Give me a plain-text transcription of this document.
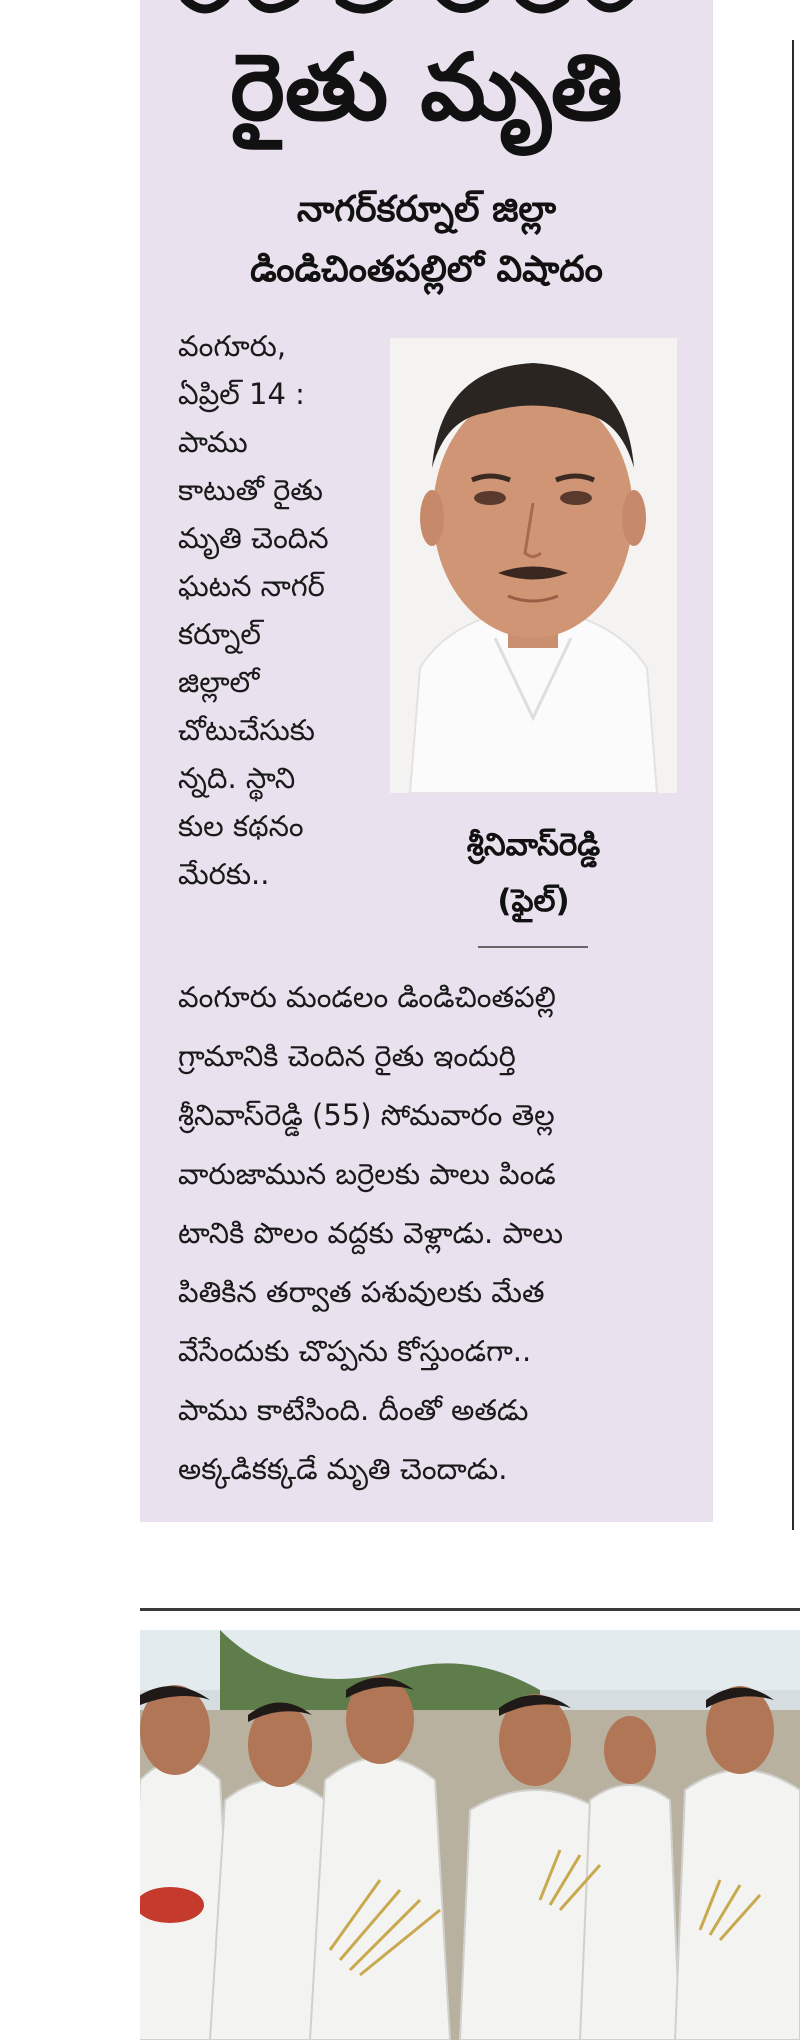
రైతు మృతి
నాగర్‌కర్నూల్ జిల్లా
డిండిచింతపల్లిలో విషాదం
వంగూరు,
ఏప్రిల్ 14 :
పాము
కాటుతో రైతు
మృతి చెందిన
ఘటన నాగర్
కర్నూల్
జిల్లాలో
చోటుచేసుకు
న్నది. స్థాని
కుల కథనం
మేరకు..
శ్రీనివాస్‌రెడ్డి
(ఫైల్)
వంగూరు మండలం డిండిచింతపల్లి
గ్రామానికి చెందిన రైతు ఇందుర్తి
శ్రీనివాస్‌రెడ్డి (55) సోమవారం తెల్ల
వారుజామున బర్రెలకు పాలు పిండ
టానికి పొలం వద్దకు వెళ్లాడు. పాలు
పితికిన తర్వాత పశువులకు మేత
వేసేందుకు చొప్పను కోస్తుండగా..
పాము కాటేసింది. దీంతో అతడు
అక్కడికక్కడే మృతి చెందాడు.
